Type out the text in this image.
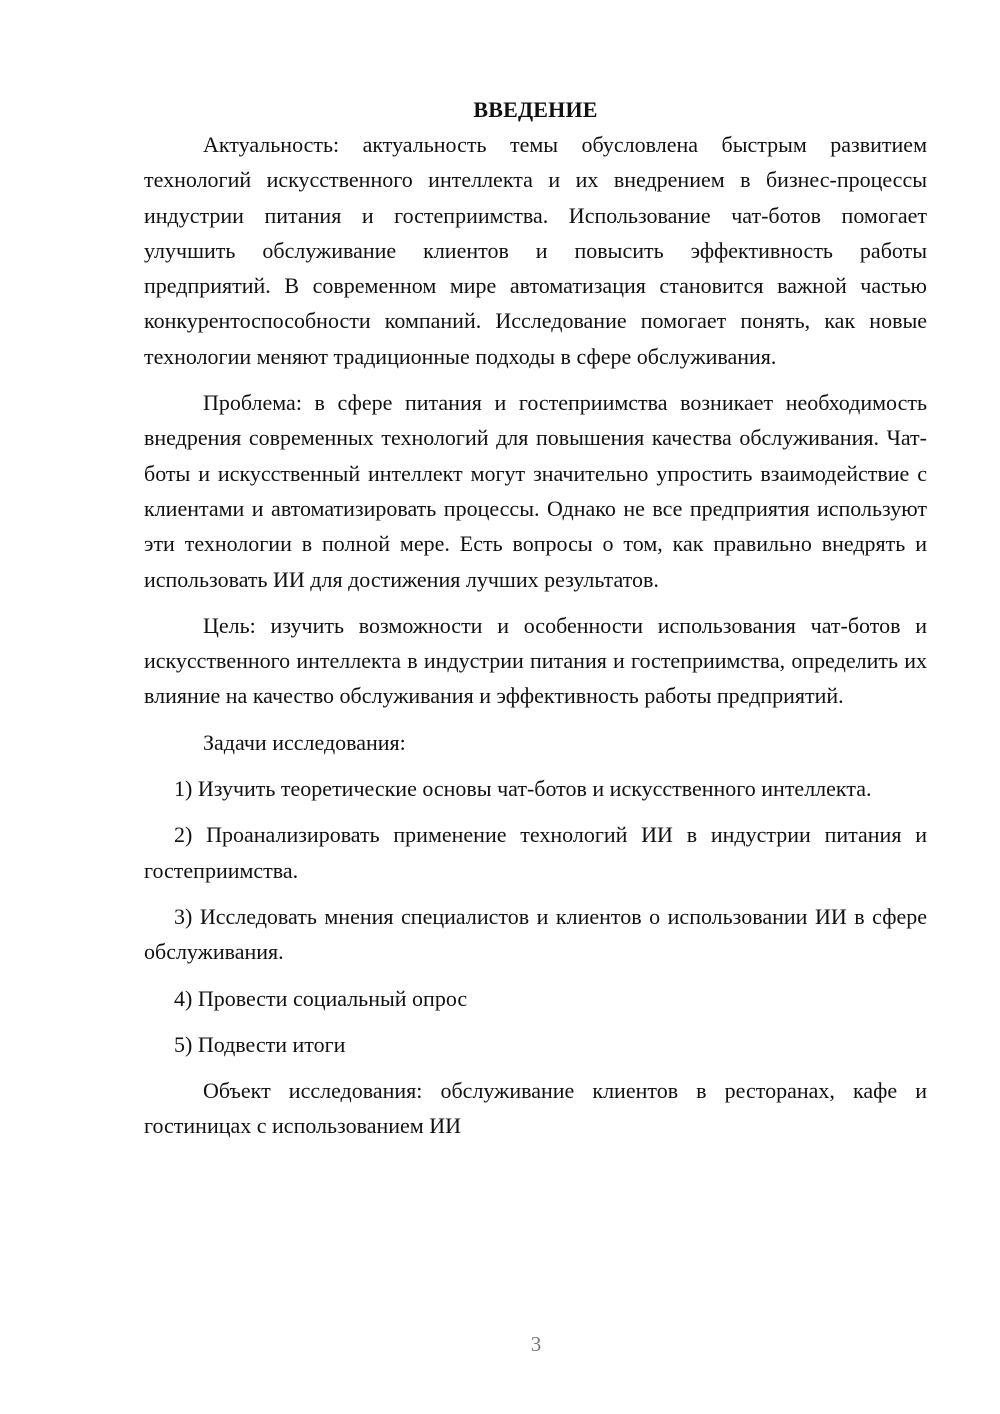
ВВЕДЕНИЕ

Актуальность: актуальность темы обусловлена быстрым развитием технологий искусственного интеллекта и их внедрением в бизнес-процессы индустрии питания и гостеприимства. Использование чат-ботов помогает улучшить обслуживание клиентов и повысить эффективность работы предприятий. В современном мире автоматизация становится важной частью конкурентоспособности компаний. Исследование помогает понять, как новые технологии меняют традиционные подходы в сфере обслуживания.

Проблема: в сфере питания и гостеприимства возникает необходимость внедрения современных технологий для повышения качества обслуживания. Чат-боты и искусственный интеллект могут значительно упростить взаимодействие с клиентами и автоматизировать процессы. Однако не все предприятия используют эти технологии в полной мере. Есть вопросы о том, как правильно внедрять и использовать ИИ для достижения лучших результатов.

Цель: изучить возможности и особенности использования чат-ботов и искусственного интеллекта в индустрии питания и гостеприимства, определить их влияние на качество обслуживания и эффективность работы предприятий.

Задачи исследования:

1) Изучить теоретические основы чат-ботов и искусственного интеллекта.

2) Проанализировать применение технологий ИИ в индустрии питания и гостеприимства.

3) Исследовать мнения специалистов и клиентов о использовании ИИ в сфере обслуживания.

4) Провести социальный опрос

5) Подвести итоги

Объект исследования: обслуживание клиентов в ресторанах, кафе и гостиницах с использованием ИИ

3
